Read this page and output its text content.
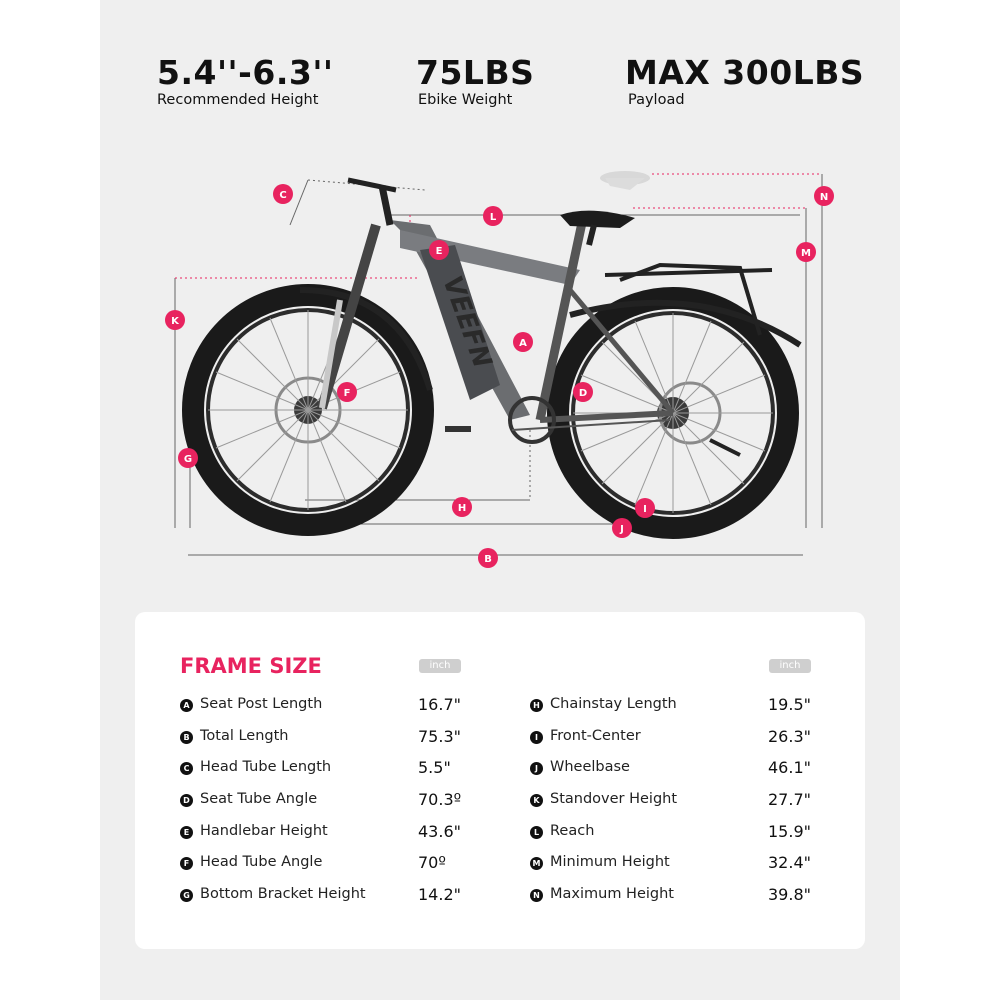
5.4''-6.3''
Recommended Height
75LBS
Ebike Weight
MAX 300LBS
Payload
VEEFN A
B
C
D
E
F
G
H	I
J
K
L
M
N
FRAME SIZE	inch	inch
A Seat Post Length	16.7"
B Total Length	75.3"
C Head Tube Length	5.5"
D Seat Tube Angle	70.3º
E Handlebar Height	43.6"
F Head Tube Angle	70º
G Bottom Bracket Height	14.2"
H Chainstay Length	19.5"
I Front-Center	26.3"
J Wheelbase	46.1"
K Standover Height	27.7"
L Reach	15.9"
M Minimum Height	32.4"
N Maximum Height	39.8"
